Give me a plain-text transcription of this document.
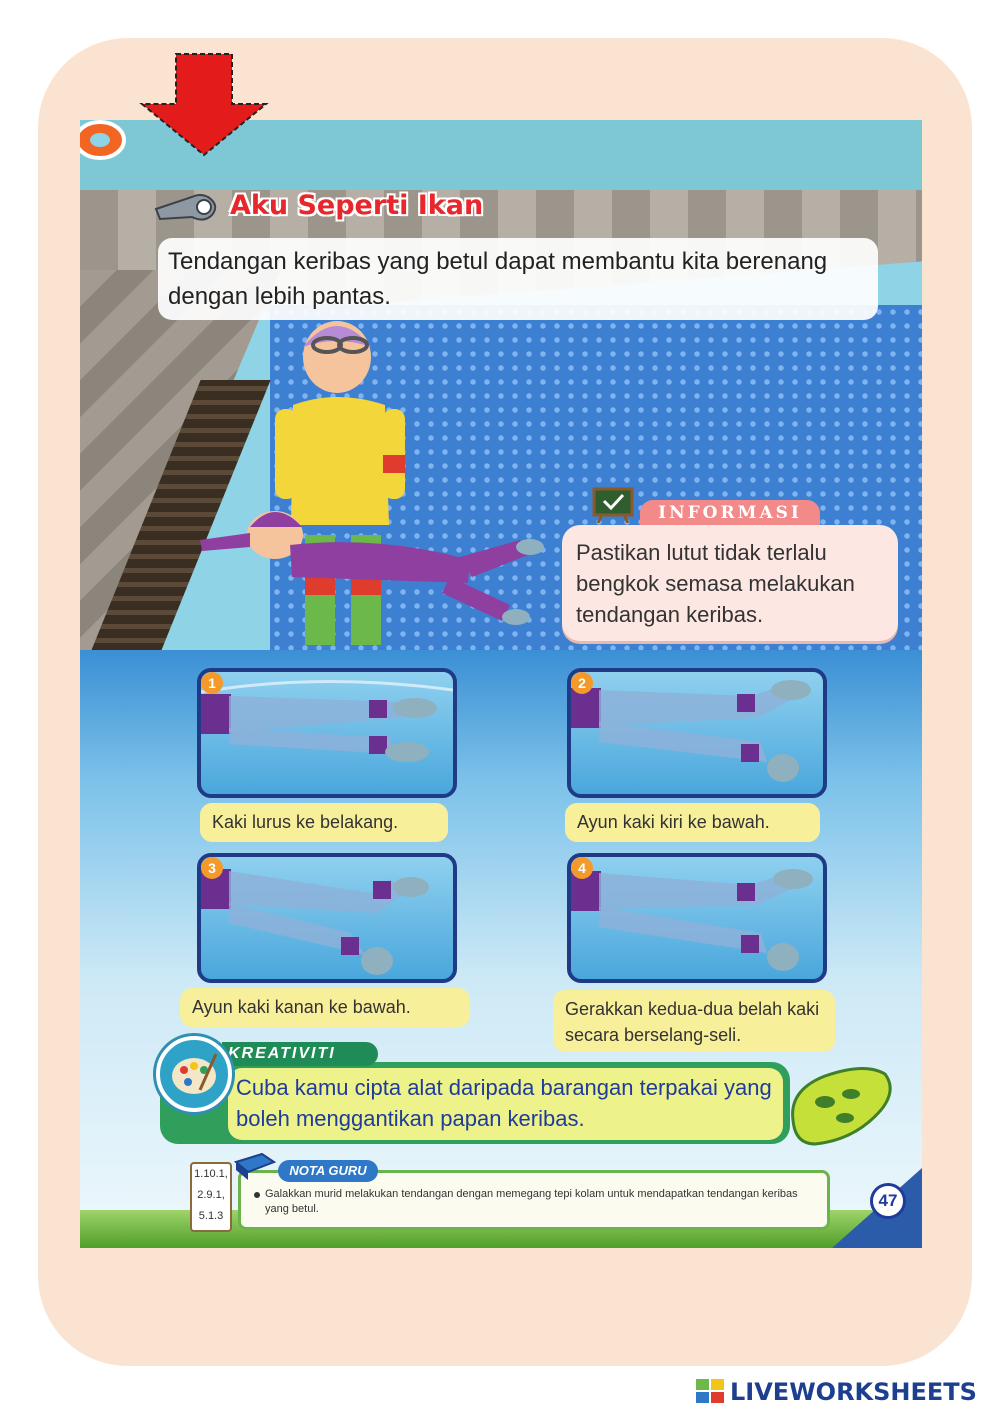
Aku Seperti Ikan
Tendangan keribas yang betul dapat membantu kita berenang dengan lebih pantas.
INFORMASI
Pastikan lutut tidak terlalu bengkok semasa melakukan tendangan keribas.
1
Kaki lurus ke belakang.
2
Ayun kaki kiri ke bawah.
3
Ayun kaki kanan ke bawah.
4
Gerakkan kedua-dua belah kaki secara berselang-seli.
Cuba kamu cipta alat daripada barangan terpakai yang boleh menggantikan papan keribas.
KREATIVITI
1.10.1,
2.9.1,
5.1.3
Galakkan murid melakukan tendangan dengan memegang tepi kolam untuk mendapatkan tendangan keribas yang betul.
NOTA GURU
47
LIVEWORKSHEETS
